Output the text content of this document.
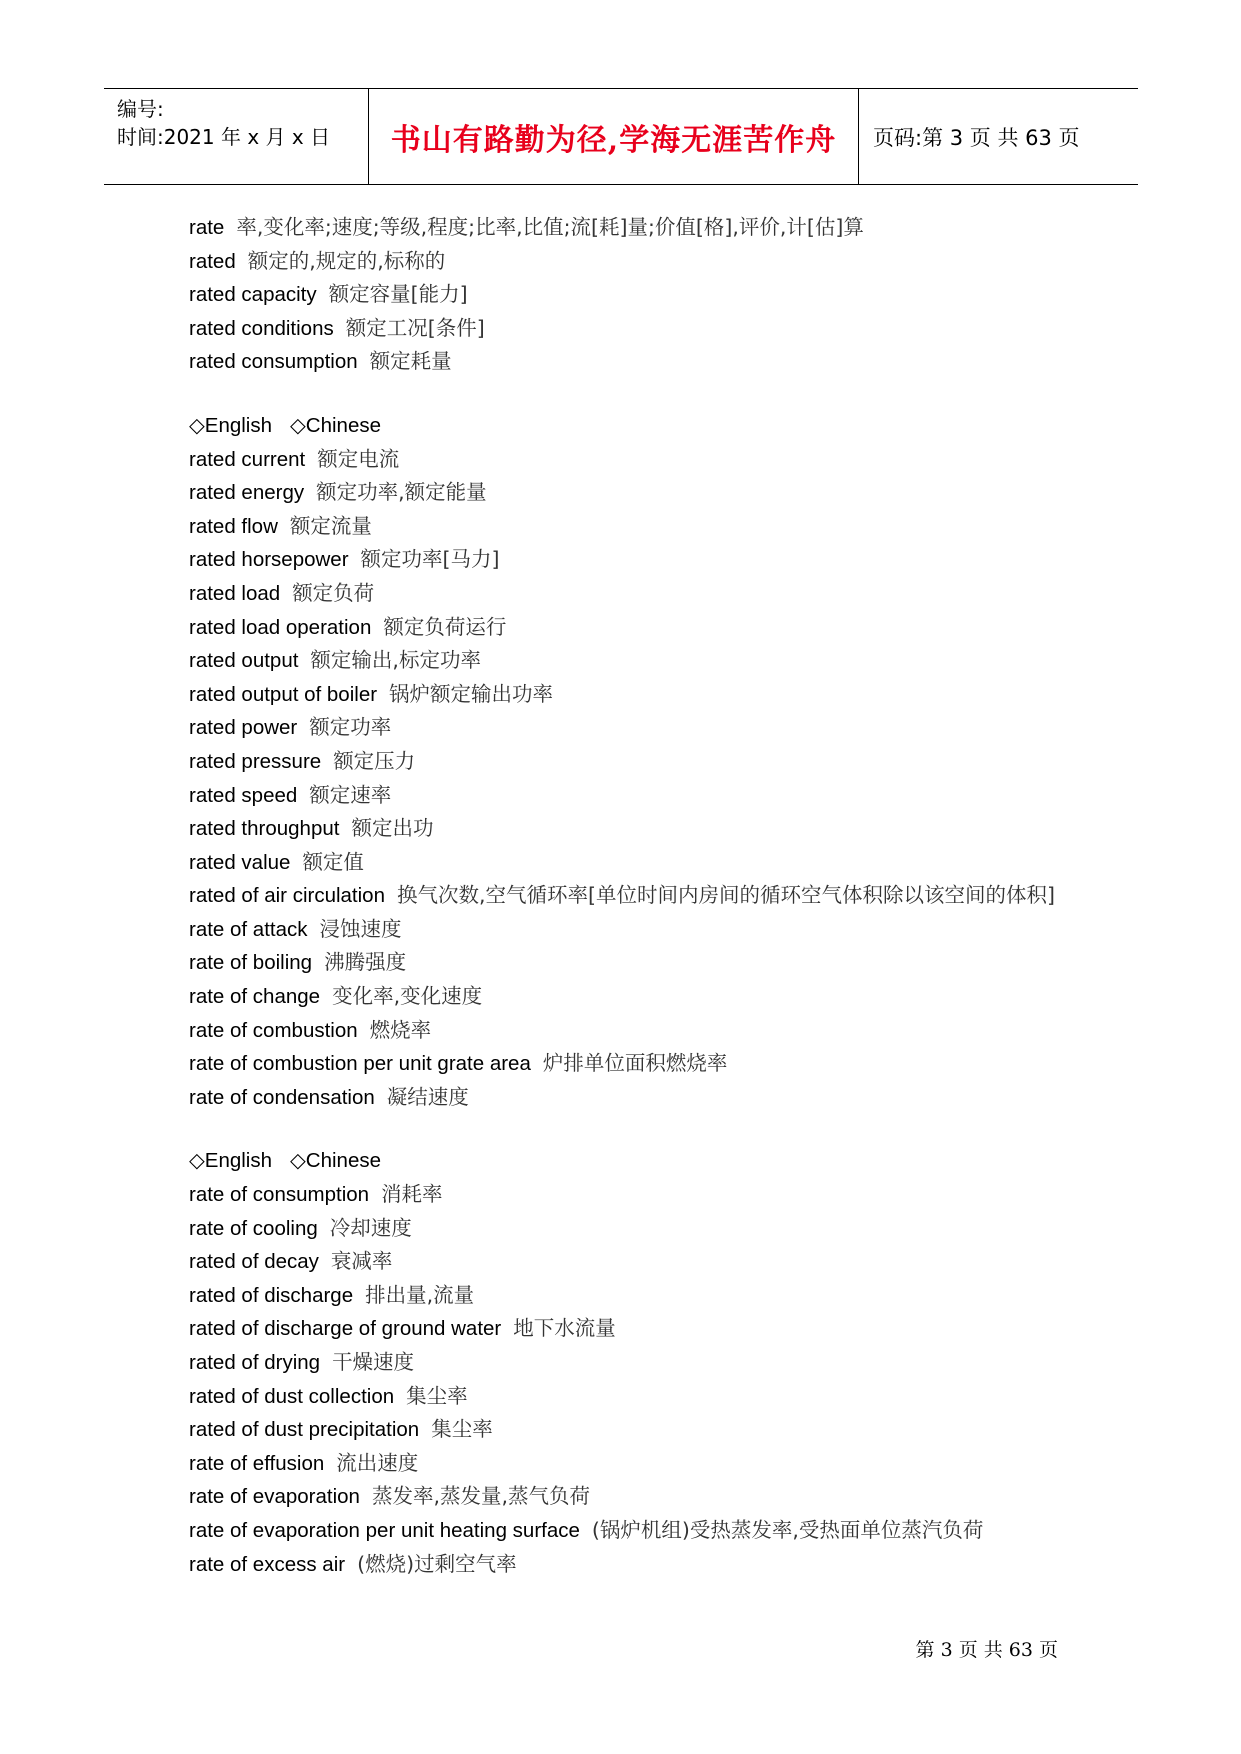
编号:
时间:2021 年 x 月 x 日	书山有路勤为径,学海无涯苦作舟 页码:第 3 页 共 63 页
rate 率,变化率;速度;等级,程度;比率,比值;流[耗]量;价值[格],评价,计[估]算
rated 额定的,规定的,标称的
rated capacity 额定容量[能力]
rated conditions 额定工况[条件]
rated consumption 额定耗量
◇English ◇Chinese
rated current 额定电流
rated energy 额定功率,额定能量
rated flow 额定流量
rated horsepower 额定功率[马力]
rated load 额定负荷
rated load operation 额定负荷运行
rated output 额定输出,标定功率
rated output of boiler 锅炉额定输出功率
rated power 额定功率
rated pressure 额定压力
rated speed 额定速率
rated throughput 额定出功
rated value 额定值
rated of air circulation 换气次数,空气循环率[单位时间内房间的循环空气体积除以该空间的体积]
rate of attack 浸蚀速度
rate of boiling 沸腾强度
rate of change 变化率,变化速度
rate of combustion 燃烧率
rate of combustion per unit grate area 炉排单位面积燃烧率
rate of condensation 凝结速度
◇English ◇Chinese
rate of consumption 消耗率
rate of cooling 冷却速度
rated of decay 衰减率
rated of discharge 排出量,流量
rated of discharge of ground water 地下水流量
rated of drying 干燥速度
rated of dust collection 集尘率
rated of dust precipitation 集尘率
rate of effusion 流出速度
rate of evaporation 蒸发率,蒸发量,蒸气负荷
rate of evaporation per unit heating surface (锅炉机组)受热蒸发率,受热面单位蒸汽负荷
rate of excess air (燃烧)过剩空气率
第 3 页 共 63 页
